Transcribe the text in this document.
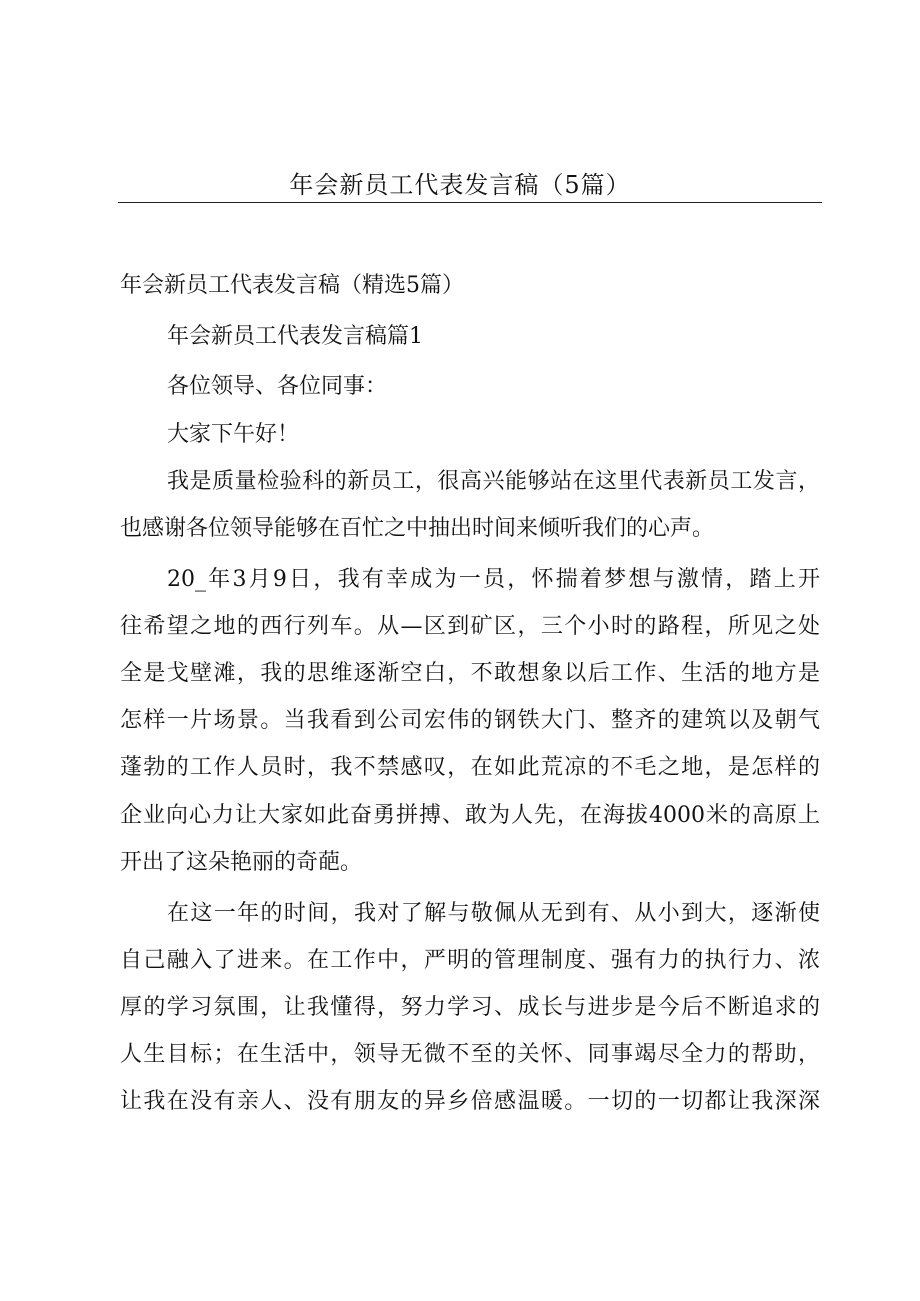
年会新员工代表发言稿（5篇）
年会新员工代表发言稿（精选5篇）
年会新员工代表发言稿篇1
各位领导、各位同事：
大家下午好！
我是质量检验科的新员工，很高兴能够站在这里代表新员工发言，
也感谢各位领导能够在百忙之中抽出时间来倾听我们的心声。
20_年3月9日，我有幸成为一员，怀揣着梦想与激情，踏上开
往希望之地的西行列车。从—区到矿区，三个小时的路程，所见之处
全是戈壁滩，我的思维逐渐空白，不敢想象以后工作、生活的地方是
怎样一片场景。当我看到公司宏伟的钢铁大门、整齐的建筑以及朝气
蓬勃的工作人员时，我不禁感叹，在如此荒凉的不毛之地，是怎样的
企业向心力让大家如此奋勇拼搏、敢为人先，在海拔4000米的高原上
开出了这朵艳丽的奇葩。
在这一年的时间，我对了解与敬佩从无到有、从小到大，逐渐使
自己融入了进来。在工作中，严明的管理制度、强有力的执行力、浓
厚的学习氛围，让我懂得，努力学习、成长与进步是今后不断追求的
人生目标；在生活中，领导无微不至的关怀、同事竭尽全力的帮助，
让我在没有亲人、没有朋友的异乡倍感温暖。一切的一切都让我深深
